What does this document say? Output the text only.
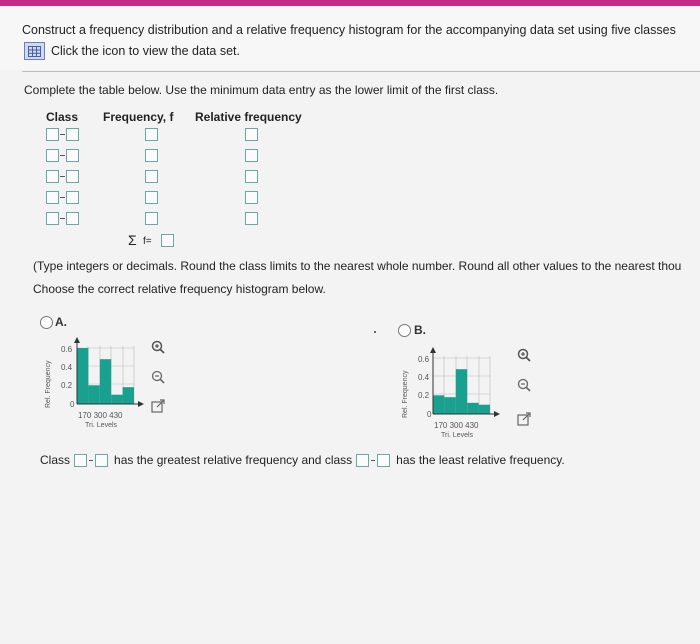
Construct a frequency distribution and a relative frequency histogram for the accompanying data set using five classes
Click the icon to view the data set.
Complete the table below. Use the minimum data entry as the lower limit of the first class.
Class Frequency, f Relative frequency
Σ f=
(Type integers or decimals. Round the class limits to the nearest whole number. Round all other values to the nearest thou
Choose the correct relative frequency histogram below.
A.
0.6
0.4
0.2
0
Rel. Frequency
170 300 430
Tri. Levels
B.
0.6
0.4
0.2
0
Rel. Frequency
170 300 430
Tri. Levels
Class	has the greatest relative frequency and class	has the least relative frequency.
